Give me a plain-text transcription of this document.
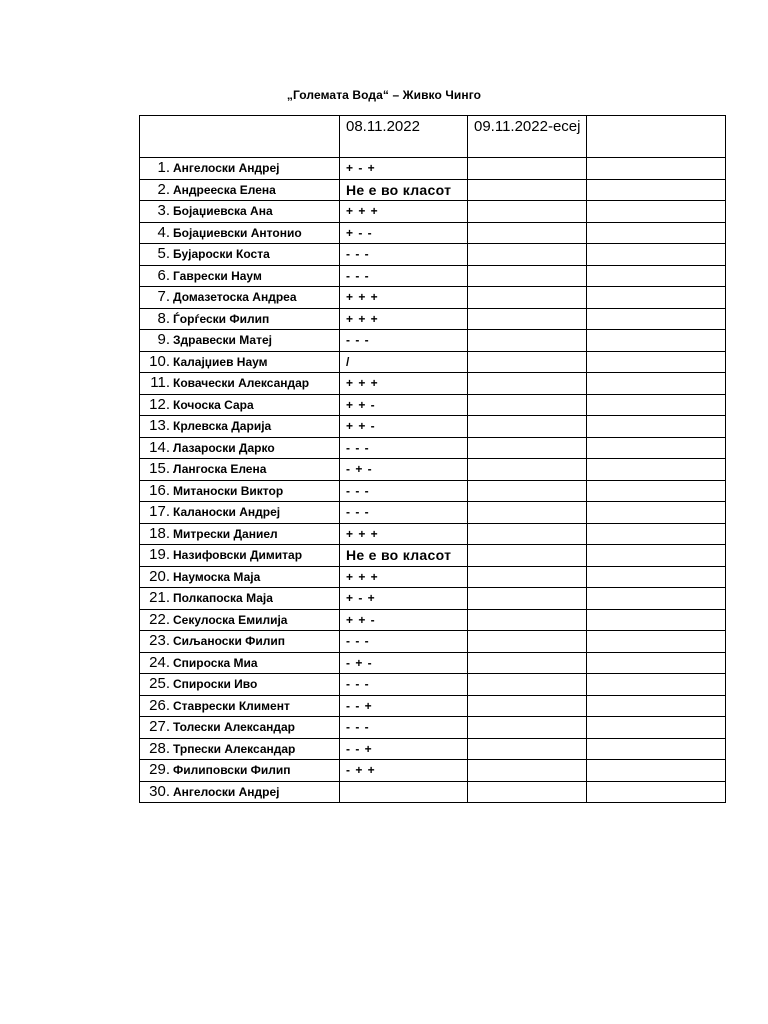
„Големата Вода“ – Живко Чинго
	08.11.2022	09.11.2022-есеј	
1. Ангелоски Андреј	+ - +		
2. Андрееска Елена	Не е во класот		
3. Бојаџиевска Ана	+ + +		
4. Бојаџиевски Антонио	+ - -		
5. Бујароски Коста	- - -		
6. Гавреcки Наум	- - -		
7. Домазетоска Андреа	+ + +		
8. Ѓорѓески Филип	+ + +		
9. Здравески Матеј	- - -		
10. Калајџиев Наум	/		
11. Ковачески Александар	+ + +		
12. Кочоска Сара	+ + -		
13. Крлевска Дарија	+ + -		
14. Лазароски Дарко	- - -		
15. Лангоска Елена	- + -		
16. Митаноски Виктор	- - -		
17. Каланоски Андреј	- - -		
18. Митрески Даниел	+ + +		
19. Назифовски Димитар	Не е во класот		
20. Наумоска Маја	+ + +		
21. Полкапоска Маја	+ - +		
22. Секулоска Емилија	+ + -		
23. Сиљаноски Филип	- - -		
24. Спироска Миа	- + -		
25. Спироски Иво	- - -		
26. Ставрески Климент	- - +		
27. Толески Александар	- - -		
28. Трпески Александар	- - +		
29. Филиповски Филип	- + +		
30. Ангелоски Андреј			
